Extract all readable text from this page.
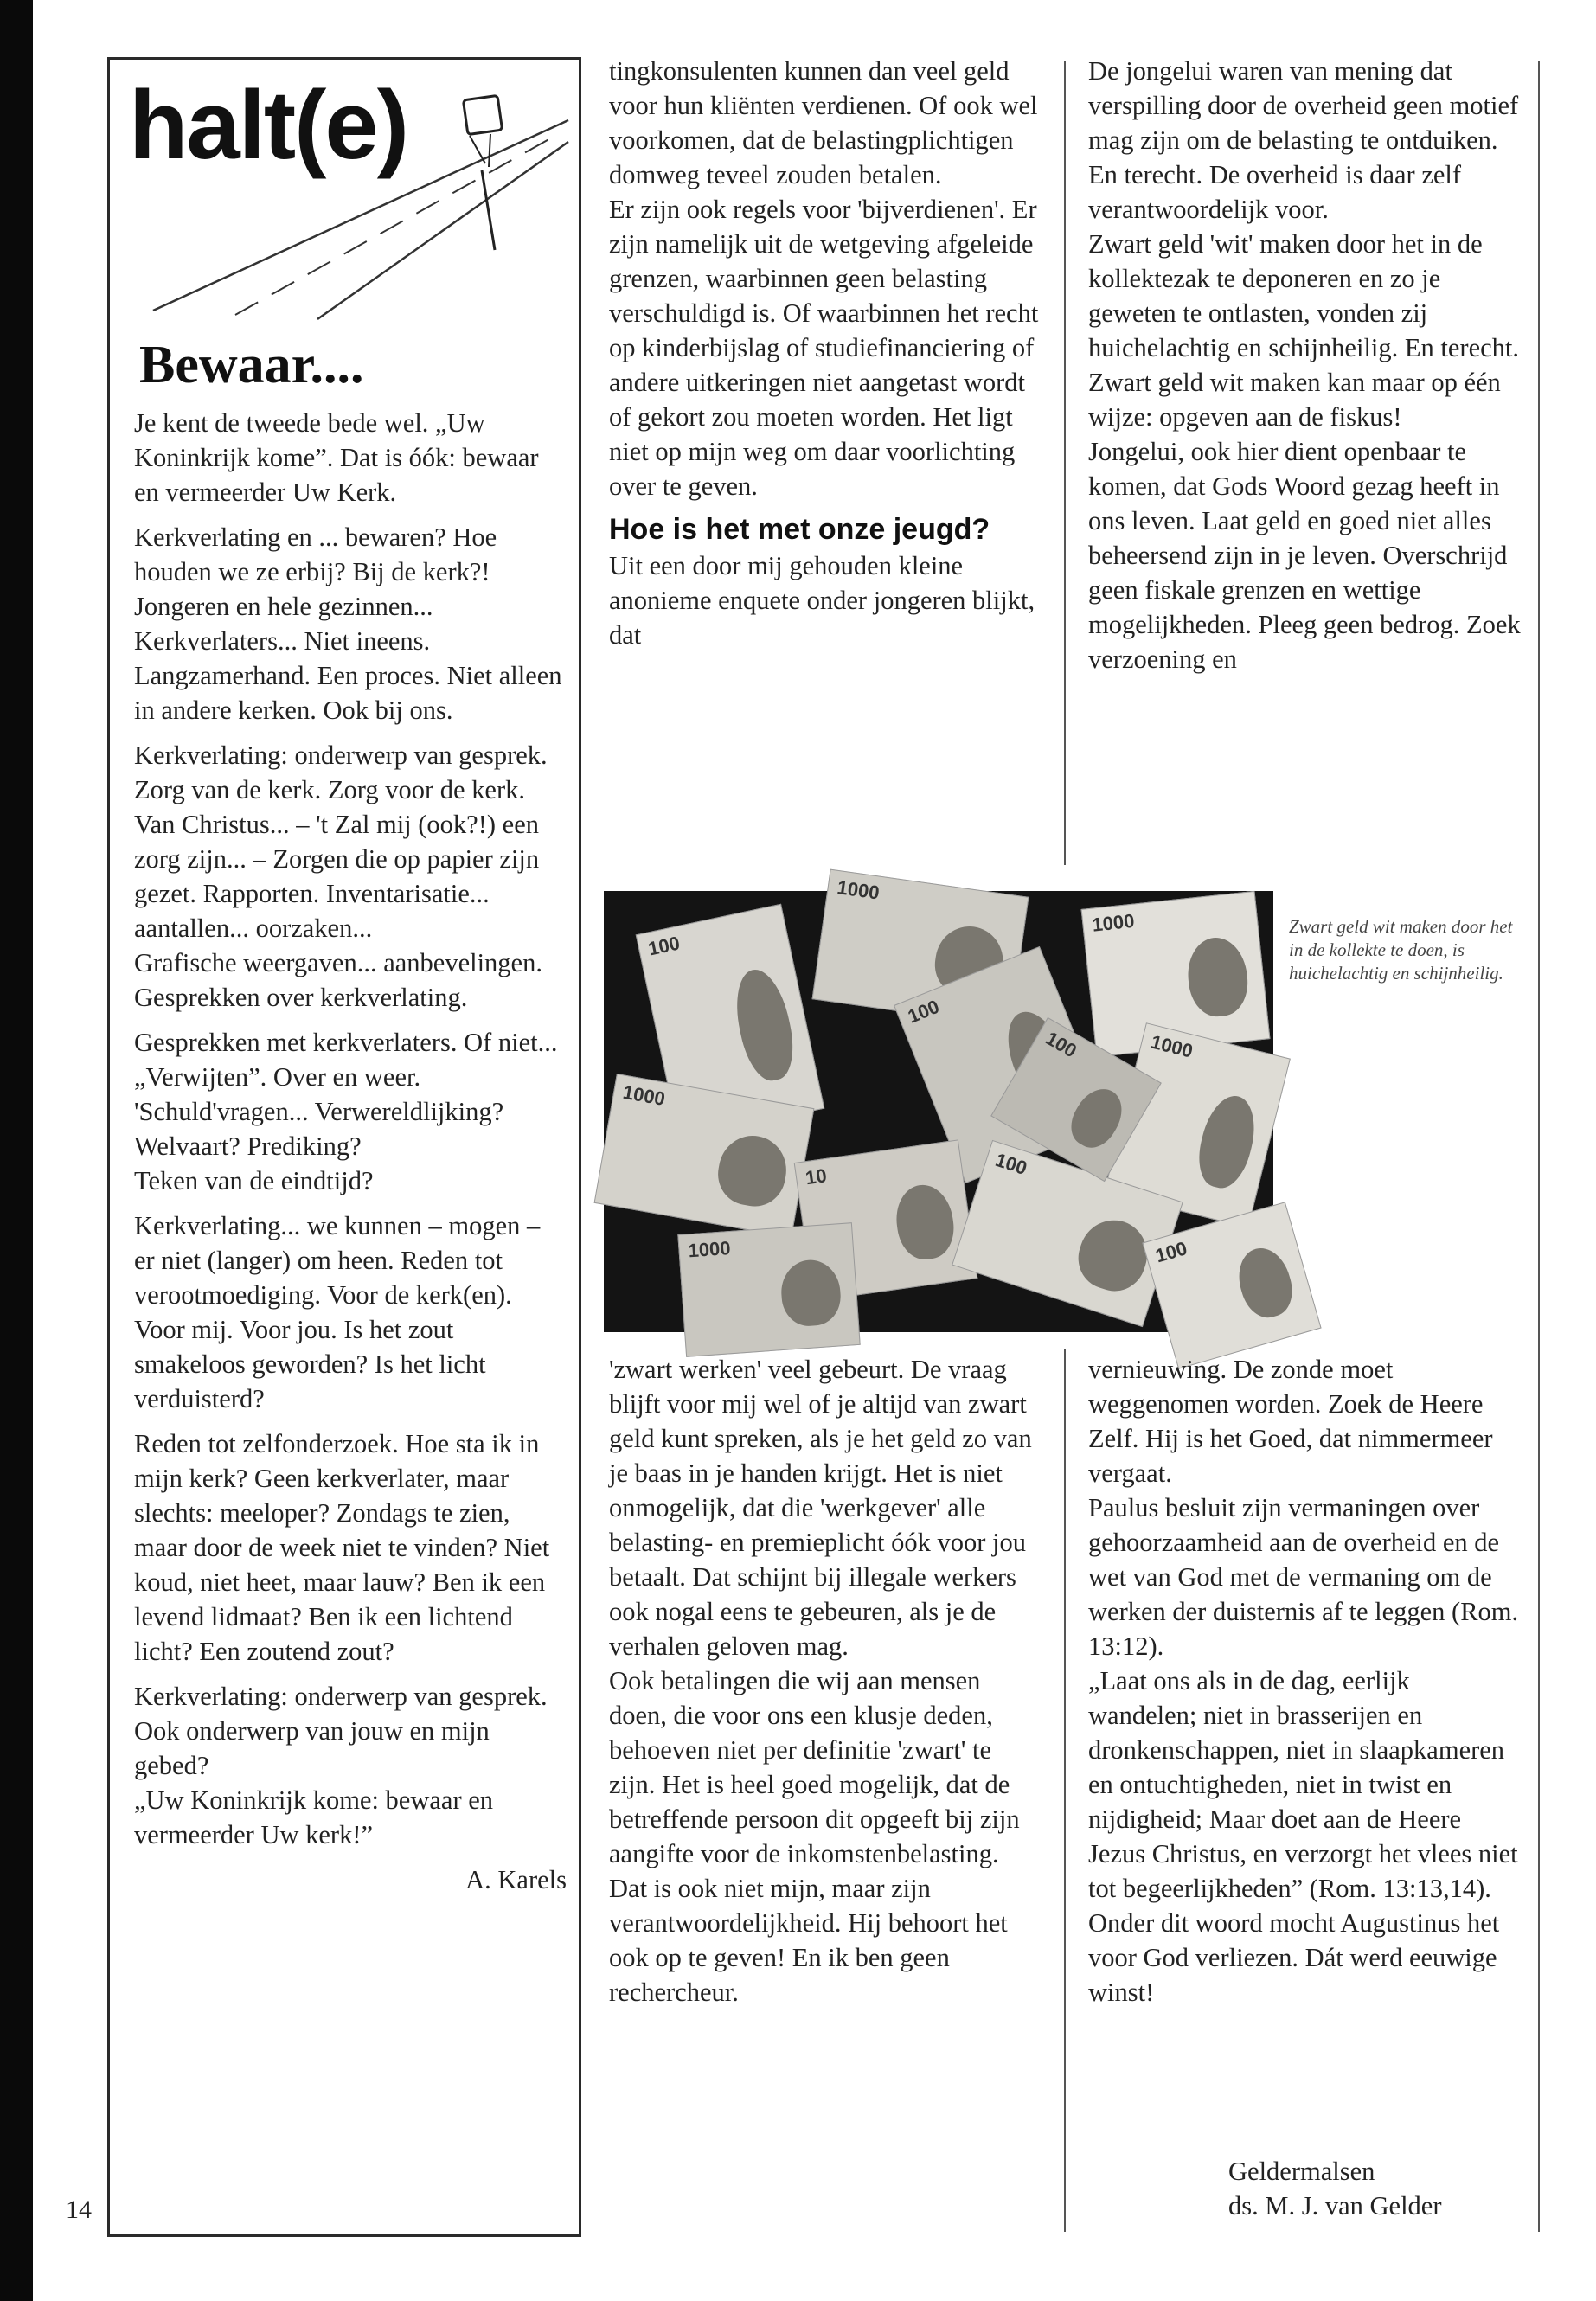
halt(e)
Bewaar....

Je kent de tweede bede wel. „Uw Koninkrijk kome”. Dat is óók: bewaar en vermeerder Uw Kerk.

Kerkverlating en ... bewaren? Hoe houden we ze erbij? Bij de kerk?! Jongeren en hele gezinnen... Kerkverlaters... Niet ineens. Langzamerhand. Een proces. Niet alleen in andere kerken. Ook bij ons.

Kerkverlating: onderwerp van gesprek. Zorg van de kerk. Zorg voor de kerk. Van Christus... – 't Zal mij (ook?!) een zorg zijn... – Zorgen die op papier zijn gezet. Rapporten. Inventarisatie... aantallen... oorzaken...
Grafische weergaven... aanbevelingen. Gesprekken over kerkverlating.

Gesprekken met kerkverlaters. Of niet... „Verwijten”. Over en weer. 'Schuld'vragen... Verwereldlijking? Welvaart? Prediking?
Teken van de eindtijd?

Kerkverlating... we kunnen – mogen – er niet (langer) om heen. Reden tot verootmoediging. Voor de kerk(en). Voor mij. Voor jou. Is het zout smakeloos geworden? Is het licht verduisterd?

Reden tot zelfonderzoek. Hoe sta ik in mijn kerk? Geen kerkverlater, maar slechts: meeloper? Zondags te zien, maar door de week niet te vinden? Niet koud, niet heet, maar lauw? Ben ik een levend lidmaat? Ben ik een lichtend licht? Een zoutend zout?

Kerkverlating: onderwerp van gesprek. Ook onderwerp van jouw en mijn gebed?
„Uw Koninkrijk kome: bewaar en vermeerder Uw kerk!”

A. Karels

tingkonsulenten kunnen dan veel geld voor hun kliënten verdienen. Of ook wel voorkomen, dat de belastingplichtigen domweg teveel zouden betalen.

Er zijn ook regels voor 'bijverdienen'. Er zijn namelijk uit de wetgeving afgeleide grenzen, waarbinnen geen belasting verschuldigd is. Of waarbinnen het recht op kinderbijslag of studiefinanciering of andere uitkeringen niet aangetast wordt of gekort zou moeten worden. Het ligt niet op mijn weg om daar voorlichting over te geven.

Hoe is het met onze jeugd?

Uit een door mij gehouden kleine anonieme enquete onder jongeren blijkt, dat

De jongelui waren van mening dat verspilling door de overheid geen motief mag zijn om de belasting te ontduiken. En terecht. De overheid is daar zelf verantwoordelijk voor.

Zwart geld 'wit' maken door het in de kollektezak te deponeren en zo je geweten te ontlasten, vonden zij huichelachtig en schijnheilig. En terecht. Zwart geld wit maken kan maar op één wijze: opgeven aan de fiskus!

Jongelui, ook hier dient openbaar te komen, dat Gods Woord gezag heeft in ons leven. Laat geld en goed niet alles beheersend zijn in je leven. Overschrijd geen fiskale grenzen en wettige mogelijkheden. Pleeg geen bedrog. Zoek verzoening en

100
1000
1000
100
1000
1000
10	100
1000	100
100
Zwart geld wit maken door het in de kollekte te doen, is huichelachtig en schijnheilig.

'zwart werken' veel gebeurt. De vraag blijft voor mij wel of je altijd van zwart geld kunt spreken, als je het geld zo van je baas in je handen krijgt. Het is niet onmogelijk, dat die 'werkgever' alle belasting- en premieplicht óók voor jou betaalt. Dat schijnt bij illegale werkers ook nogal eens te gebeuren, als je de verhalen geloven mag.

Ook betalingen die wij aan mensen doen, die voor ons een klusje deden, behoeven niet per definitie 'zwart' te zijn. Het is heel goed mogelijk, dat de betreffende persoon dit opgeeft bij zijn aangifte voor de inkomstenbelasting. Dat is ook niet mijn, maar zijn verantwoordelijkheid. Hij behoort het ook op te geven! En ik ben geen rechercheur.

vernieuwing. De zonde moet weggenomen worden. Zoek de Heere Zelf. Hij is het Goed, dat nimmermeer vergaat.

Paulus besluit zijn vermaningen over gehoorzaamheid aan de overheid en de wet van God met de vermaning om de werken der duisternis af te leggen (Rom. 13:12).

„Laat ons als in de dag, eerlijk wandelen; niet in brasserijen en dronkenschappen, niet in slaapkameren en ontuchtigheden, niet in twist en nijdigheid; Maar doet aan de Heere Jezus Christus, en verzorgt het vlees niet tot begeerlijkheden” (Rom. 13:13,14). Onder dit woord mocht Augustinus het voor God verliezen. Dát werd eeuwige winst!

Geldermalsen
ds. M. J. van Gelder
14
